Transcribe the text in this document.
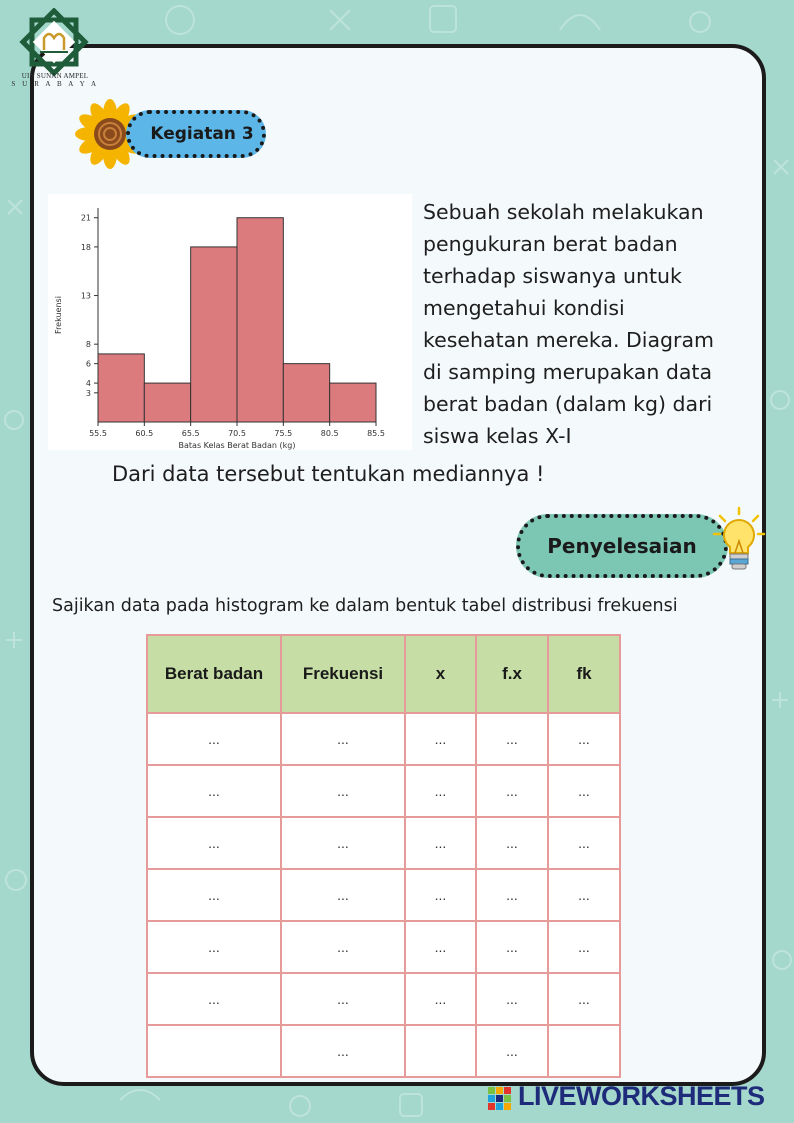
UIN SUNAN AMPEL
S U R A B A Y A
Kegiatan 3
3
4
6
8
13
18
21
55.5	60.5	65.5	70.5	75.5	80.5	85.5
Batas Kelas Berat Badan (kg)
Frekuensi
Sebuah sekolah melakukan
pengukuran berat badan
terhadap siswanya untuk
mengetahui kondisi
kesehatan mereka. Diagram
di samping merupakan data
berat badan (dalam kg) dari
siswa kelas X-I
Dari data tersebut tentukan mediannya !
Penyelesaian
Sajikan data pada histogram ke dalam bentuk tabel distribusi frekuensi
Berat badan	Frekuensi	x	f.x	fk
...	...	...	...	...
...	...	...	...	...
...	...	...	...	...
...	...	...	...	...
...	...	...	...	...
...	...	...	...	...
	...		...	
LIVEWORKSHEETS
